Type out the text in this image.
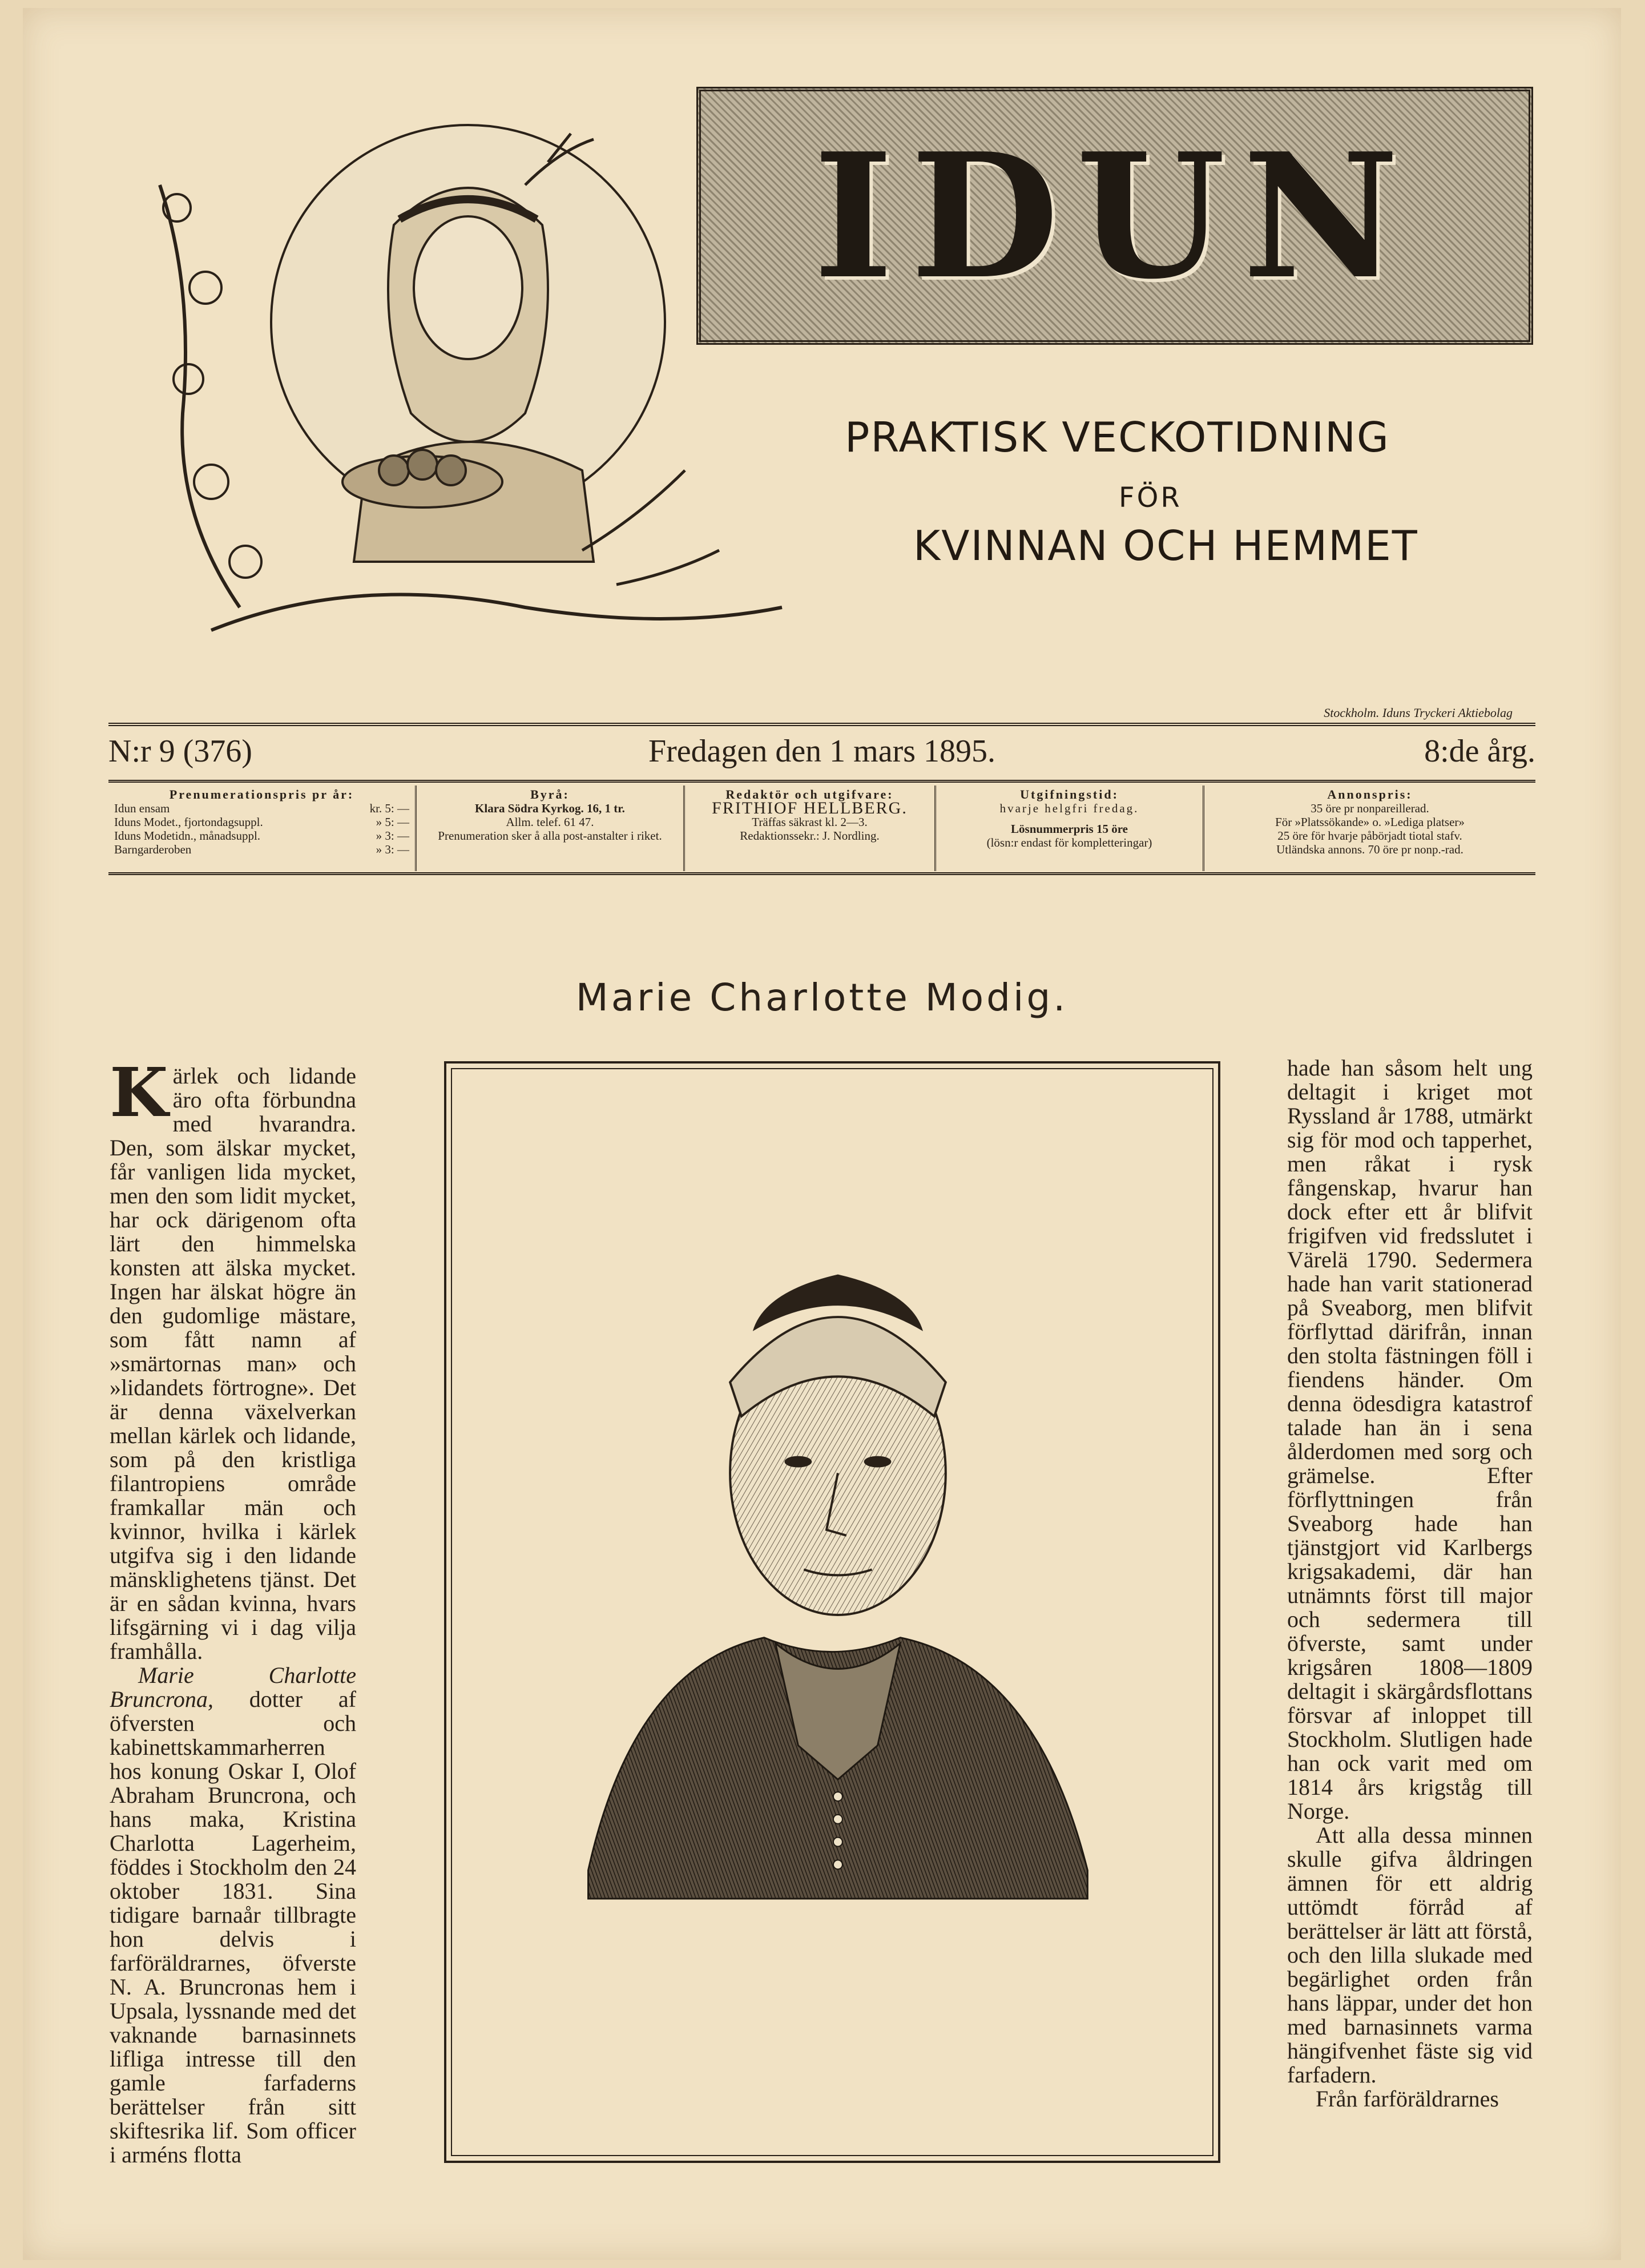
IDUN
PRAKTISK VECKOTIDNING
FÖR
KVINNAN OCH HEMMET
Stockholm. Iduns Tryckeri Aktiebolag
N:r 9 (376)	Fredagen den 1 mars 1895.	8:de årg.
Prenumerationspris pr år:
Idun ensam	kr. 5: —
Iduns Modet., fjortondagsuppl.	» 5: —
Iduns Modetidn., månadsuppl.	» 3: —
Barngarderoben	» 3: —
Byrå:
Klara Södra Kyrkog. 16, 1 tr.
Allm. telef. 61 47.
Prenumeration sker å alla post-anstalter i riket.
Redaktör och utgifvare:
FRITHIOF HELLBERG.
Träffas säkrast kl. 2—3.
Redaktionssekr.: J. Nordling.
Utgifningstid:
hvarje helgfri fredag.
Lösnummerpris 15 öre
(lösn:r endast för kompletteringar)
Annonspris:
35 öre pr nonpareillerad.
För »Platssökande» o. »Lediga platser»
25 öre för hvarje påbörjadt tiotal stafv.
Utländska annons. 70 öre pr nonp.-rad.
Marie Charlotte Modig.

Kärlek och lidande äro ofta förbundna med hvarandra. Den, som älskar mycket, får vanligen lida mycket, men den som lidit mycket, har ock därigenom ofta lärt den himmelska konsten att älska mycket. Ingen har älskat högre än den gudomlige mästare, som fått namn af »smärtornas man» och »lidandets förtrogne». Det är denna växelverkan mellan kärlek och lidande, som på den kristliga filantropiens område framkallar män och kvinnor, hvilka i kärlek utgifva sig i den lidande mänsklighetens tjänst. Det är en sådan kvinna, hvars lifsgärning vi i dag vilja framhålla.

Marie Charlotte Bruncrona, dotter af öfversten och kabinettskammarherren hos konung Oskar I, Olof Abraham Bruncrona, och hans maka, Kristina Charlotta Lagerheim, föddes i Stockholm den 24 oktober 1831. Sina tidigare barnaår tillbragte hon delvis i farföräldrarnes, öfverste N. A. Bruncronas hem i Upsala, lyssnande med det vaknande barnasinnets lifliga intresse till den gamle farfaderns berättelser från sitt skiftesrika lif. Som officer i arméns flotta

hade han såsom helt ung deltagit i kriget mot Ryssland år 1788, utmärkt sig för mod och tapperhet, men råkat i rysk fångenskap, hvarur han dock efter ett år blifvit frigifven vid fredsslutet i Värelä 1790. Sedermera hade han varit stationerad på Sveaborg, men blifvit förflyttad därifrån, innan den stolta fästningen föll i fiendens händer. Om denna ödesdigra katastrof talade han än i sena ålderdomen med sorg och grämelse. Efter förflyttningen från Sveaborg hade han tjänstgjort vid Karlbergs krigsakademi, där han utnämnts först till major och sedermera till öfverste, samt under krigsåren 1808—1809 deltagit i skärgårdsflottans försvar af inloppet till Stockholm. Slutligen hade han ock varit med om 1814 års krigståg till Norge.

Att alla dessa minnen skulle gifva åldringen ämnen för ett aldrig uttömdt förråd af berättelser är lätt att förstå, och den lilla slukade med begärlighet orden från hans läppar, under det hon med barnasinnets varma hängifvenhet fäste sig vid farfadern.

Från farföräldrarnes
